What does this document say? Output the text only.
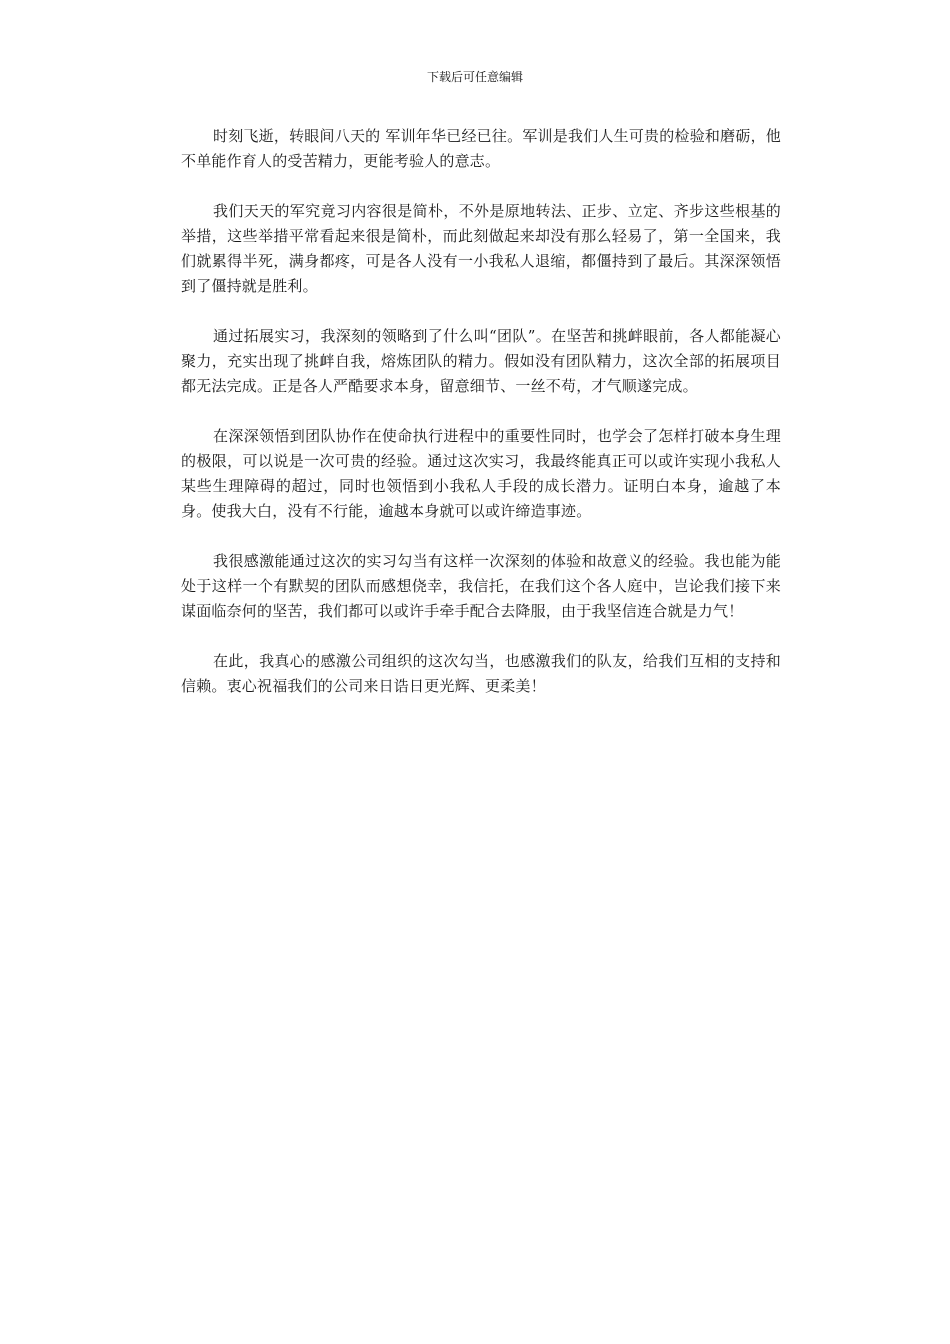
下载后可任意编辑

时刻飞逝，转眼间八天的 军训年华已经已往。军训是我们人生可贵的检验和磨砺，他不单能作育人的受苦精力，更能考验人的意志。

我们天天的军究竟习内容很是简朴，不外是原地转法、正步、立定、齐步这些根基的举措，这些举措平常看起来很是简朴，而此刻做起来却没有那么轻易了，第一全国来，我们就累得半死，满身都疼，可是各人没有一小我私人退缩，都僵持到了最后。其深深领悟到了僵持就是胜利。

通过拓展实习，我深刻的领略到了什么叫“团队”。在坚苦和挑衅眼前，各人都能凝心聚力，充实出现了挑衅自我，熔炼团队的精力。假如没有团队精力，这次全部的拓展项目都无法完成。正是各人严酷要求本身，留意细节、一丝不苟，才气顺遂完成。

在深深领悟到团队协作在使命执行进程中的重要性同时，也学会了怎样打破本身生理的极限，可以说是一次可贵的经验。通过这次实习，我最终能真正可以或许实现小我私人某些生理障碍的超过，同时也领悟到小我私人手段的成长潜力。证明白本身，逾越了本身。使我大白，没有不行能，逾越本身就可以或许缔造事迹。

我很感激能通过这次的实习勾当有这样一次深刻的体验和故意义的经验。我也能为能处于这样一个有默契的团队而感想侥幸，我信托，在我们这个各人庭中，岂论我们接下来谋面临奈何的坚苦，我们都可以或许手牵手配合去降服，由于我坚信连合就是力气！

在此，我真心的感激公司组织的这次勾当，也感激我们的队友，给我们互相的支持和信赖。衷心祝福我们的公司来日诰日更光辉、更柔美！
